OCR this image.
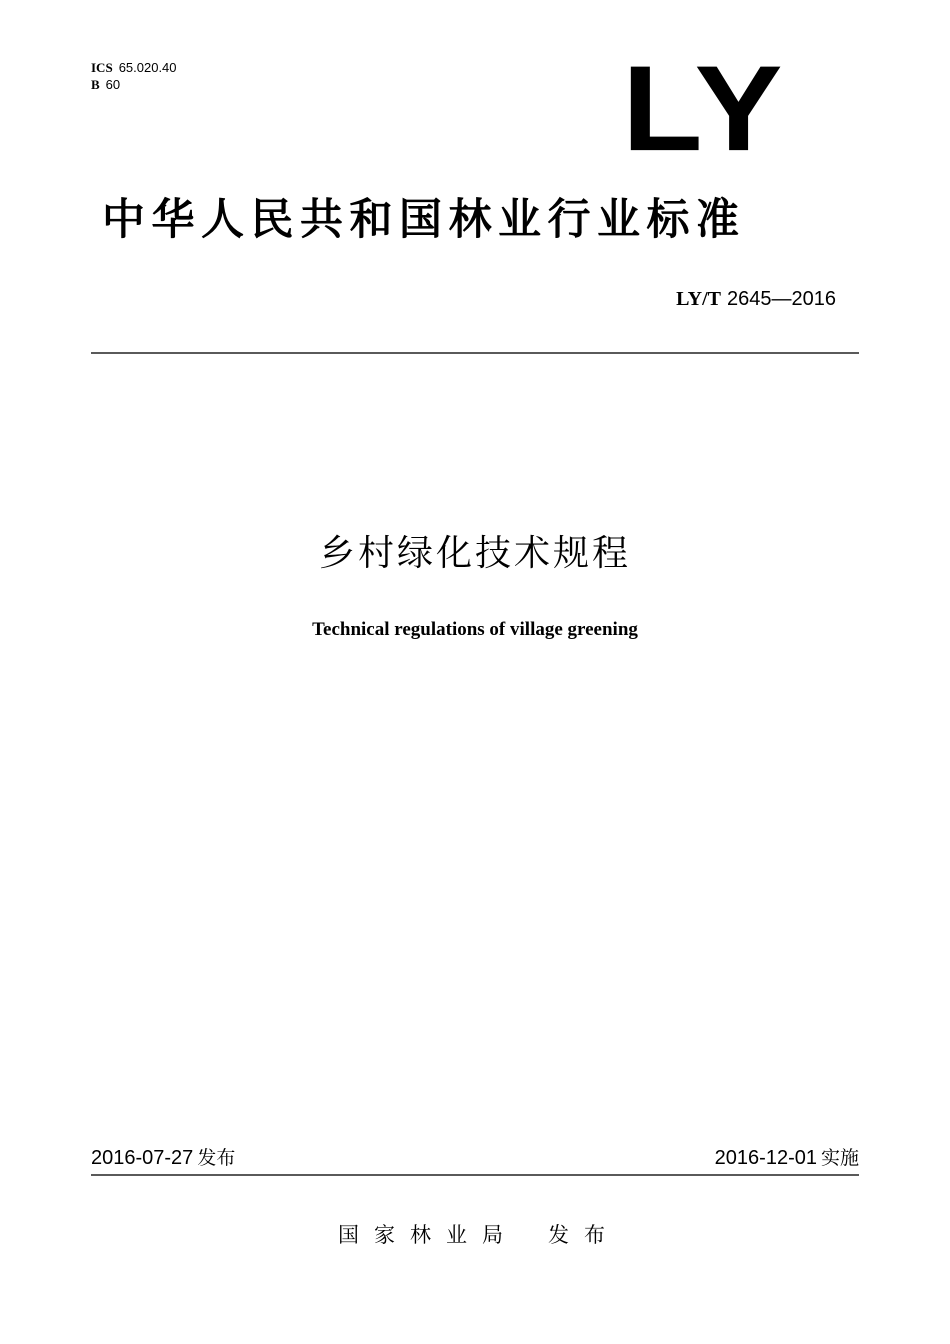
ICS 65.020.40
B 60	LY
中华人民共和国林业行业标准
LY/T 2645—2016
乡村绿化技术规程
Technical regulations of village greening
2016-07-27 发布	2016-12-01 实施
国家林业局 发布
